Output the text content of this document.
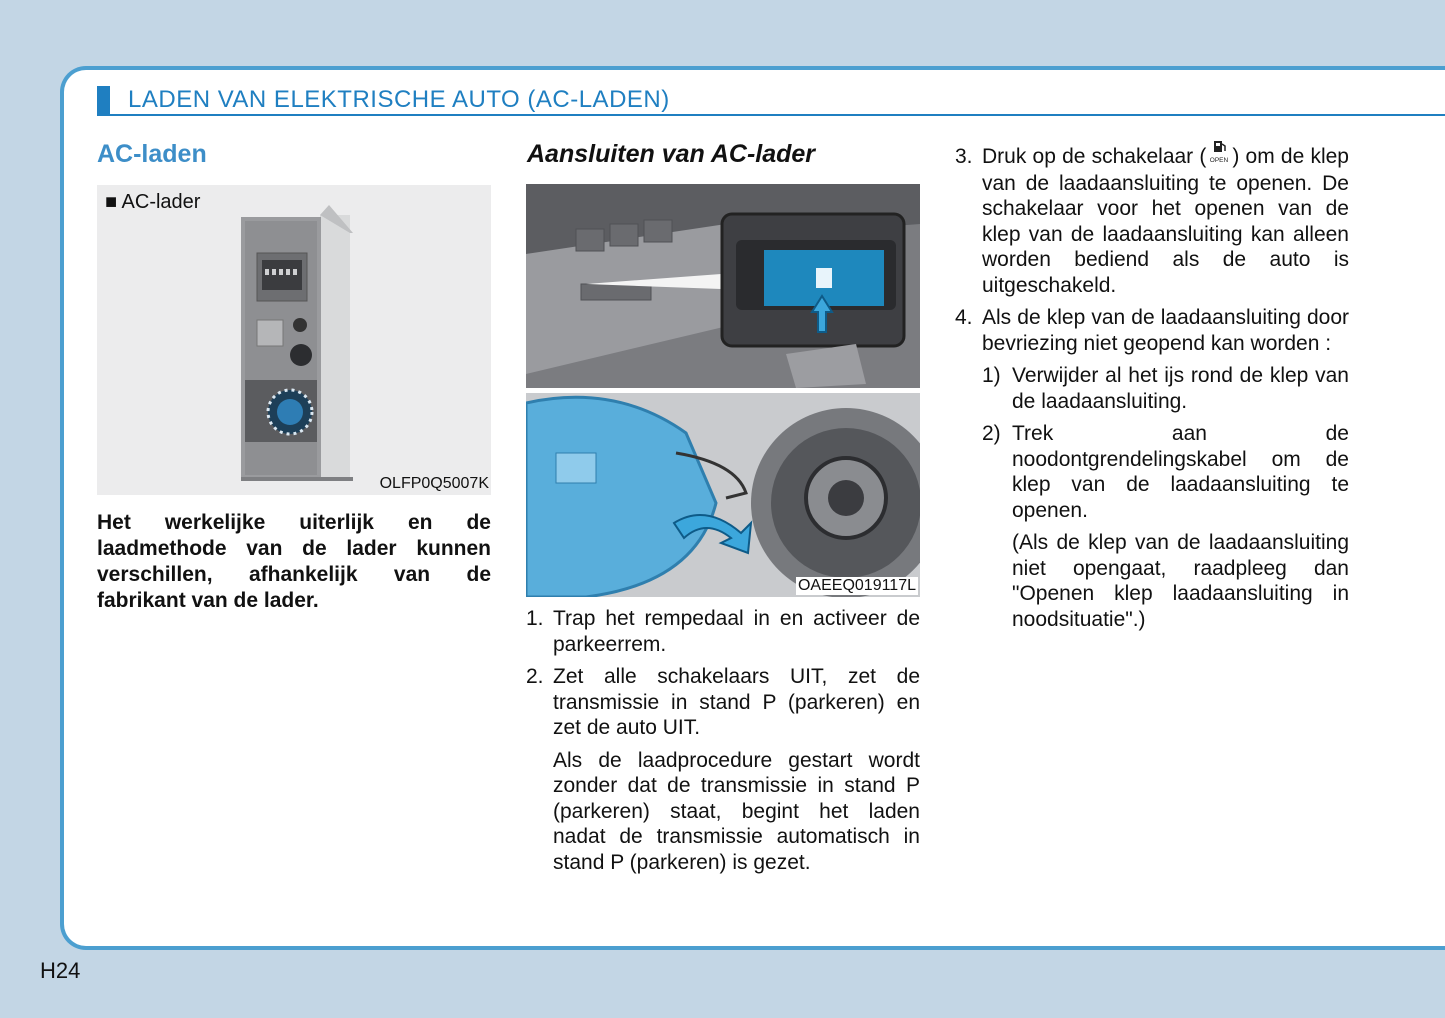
LADEN VAN ELEKTRISCHE AUTO (AC-LADEN)
AC-laden	Aansluiten van AC-lader
■ AC-lader
OLFP0Q5007K
OAEEQ019117L
Het werkelijke uiterlijk en de laadmethode van de lader kunnen verschillen, afhankelijk van de fabrikant van de lader.
1. Trap het rempedaal in en activeer de parkeerrem.
2. Zet alle schakelaars UIT, zet de transmissie in stand P (parkeren) en zet de auto UIT.
Als de laadprocedure gestart wordt zonder dat de transmissie in stand P (parkeren) staat, begint het laden nadat de transmissie automatisch in stand P (parkeren) is gezet.
3. Druk op de schakelaar ( OPEN ) om de klep van de laadaansluiting te openen. De schakelaar voor het openen van de klep van de laadaansluiting kan alleen worden bediend als de auto is uitgeschakeld.
4. Als de klep van de laadaansluiting door bevriezing niet geopend kan worden :
1) Verwijder al het ijs rond de klep van de laadaansluiting.
2) Trek aan de noodontgrendelingskabel om de klep van de laadaansluiting te openen.
(Als de klep van de laadaansluiting niet opengaat, raadpleeg dan "Openen klep laadaansluiting in noodsituatie".)
H24
